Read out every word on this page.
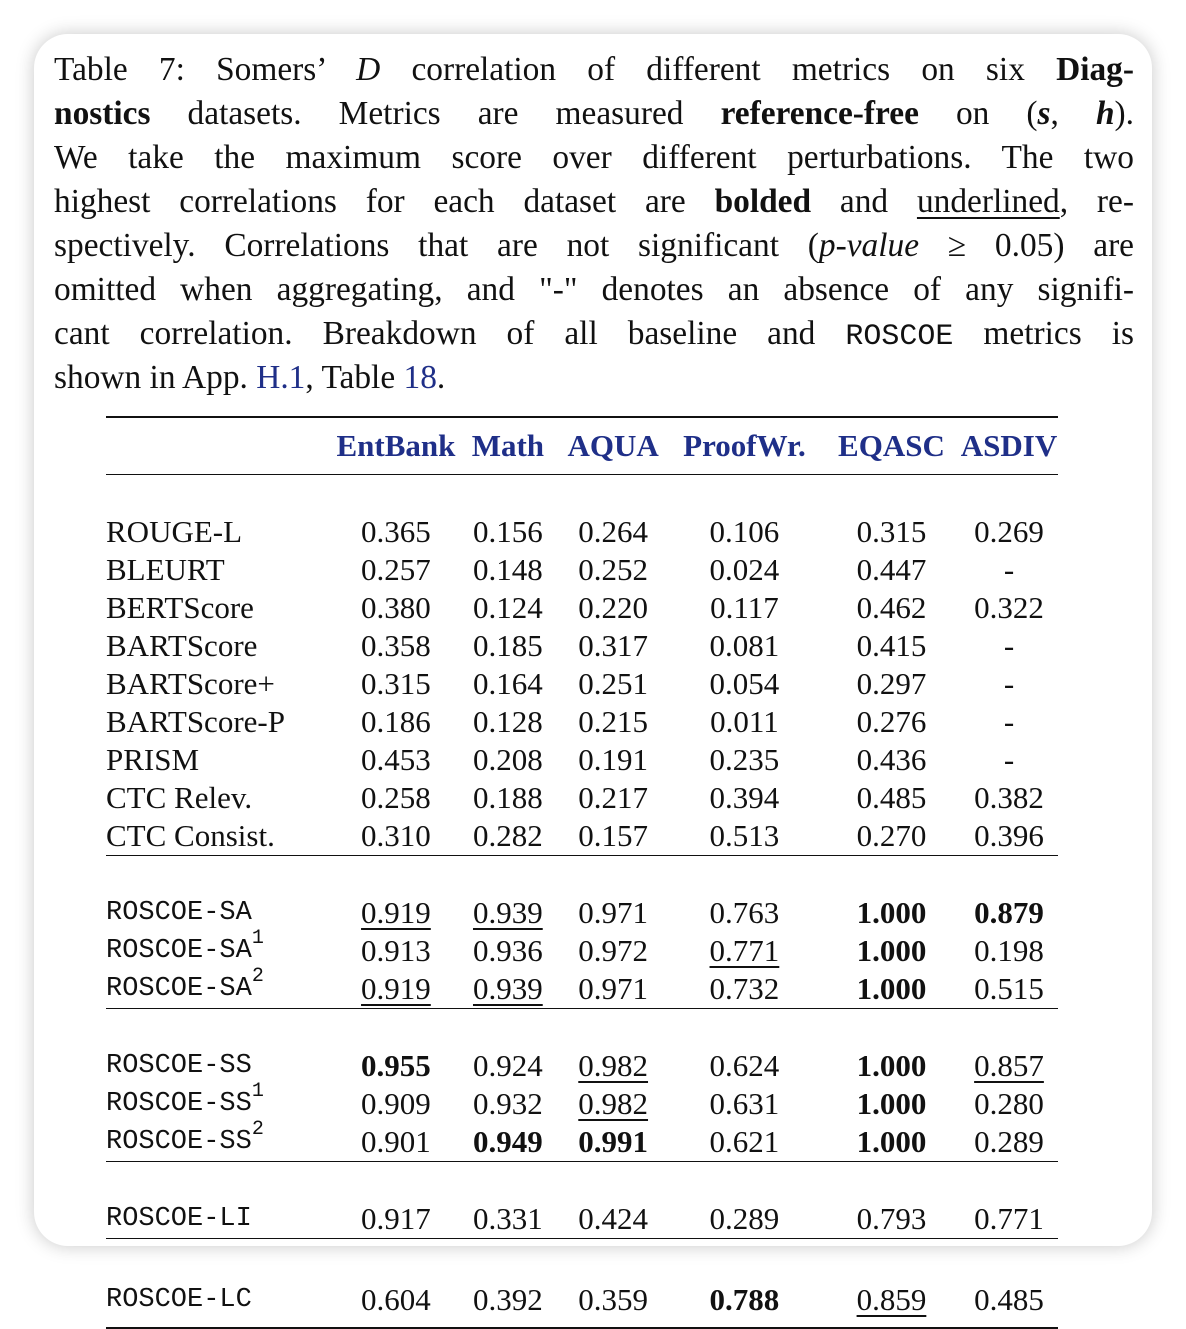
Table 7: Somers’ D correlation of different metrics on six Diag-
nostics datasets. Metrics are measured reference-free on (s, h).
We take the maximum score over different perturbations. The two
highest correlations for each dataset are bolded and underlined, re-
spectively. Correlations that are not significant (p-value ≥ 0.05) are
omitted when aggregating, and "-" denotes an absence of any signifi-
cant correlation. Breakdown of all baseline and ROSCOE metrics is
shown in App. H.1, Table 18.
	EntBank	Math	AQUA	ProofWr.	EQASC	ASDIV

ROUGE-L	0.365	0.156	0.264	0.106	0.315	0.269
BLEURT	0.257	0.148	0.252	0.024	0.447	-
BERTScore	0.380	0.124	0.220	0.117	0.462	0.322
BARTScore	0.358	0.185	0.317	0.081	0.415	-
BARTScore+	0.315	0.164	0.251	0.054	0.297	-
BARTScore-P	0.186	0.128	0.215	0.011	0.276	-
PRISM	0.453	0.208	0.191	0.235	0.436	-
CTC Relev.	0.258	0.188	0.217	0.394	0.485	0.382
CTC Consist.	0.310	0.282	0.157	0.513	0.270	0.396

ROSCOE-SA	0.919	0.939	0.971	0.763	1.000	0.879
ROSCOE-$SA^1$	0.913	0.936	0.972	0.771	1.000	0.198
ROSCOE-$SA^2$	0.919	0.939	0.971	0.732	1.000	0.515

ROSCOE-SS	0.955	0.924	0.982	0.624	1.000	0.857
ROSCOE-$SS^1$	0.909	0.932	0.982	0.631	1.000	0.280
ROSCOE-$SS^2$	0.901	0.949	0.991	0.621	1.000	0.289

ROSCOE-LI	0.917	0.331	0.424	0.289	0.793	0.771

ROSCOE-LC	0.604	0.392	0.359	0.788	0.859	0.485
